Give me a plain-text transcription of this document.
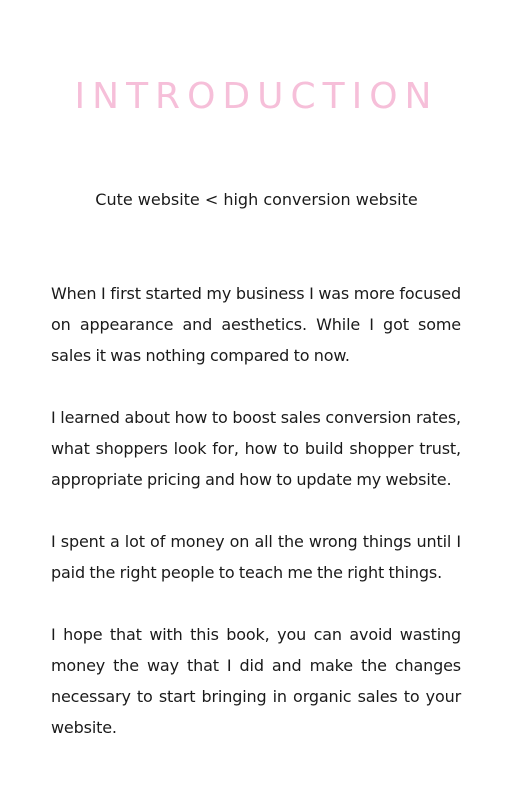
INTRODUCTION

Cute website < high conversion website

When I first started my business I was more focused on appearance and aesthetics. While I got some sales it was nothing compared to now.

I learned about how to boost sales conversion rates, what shoppers look for, how to build shopper trust, appropriate pricing and how to update my website.

I spent a lot of money on all the wrong things until I paid the right people to teach me the right things.

I hope that with this book, you can avoid wasting money the way that I did and make the changes necessary to start bringing in organic sales to your website.
